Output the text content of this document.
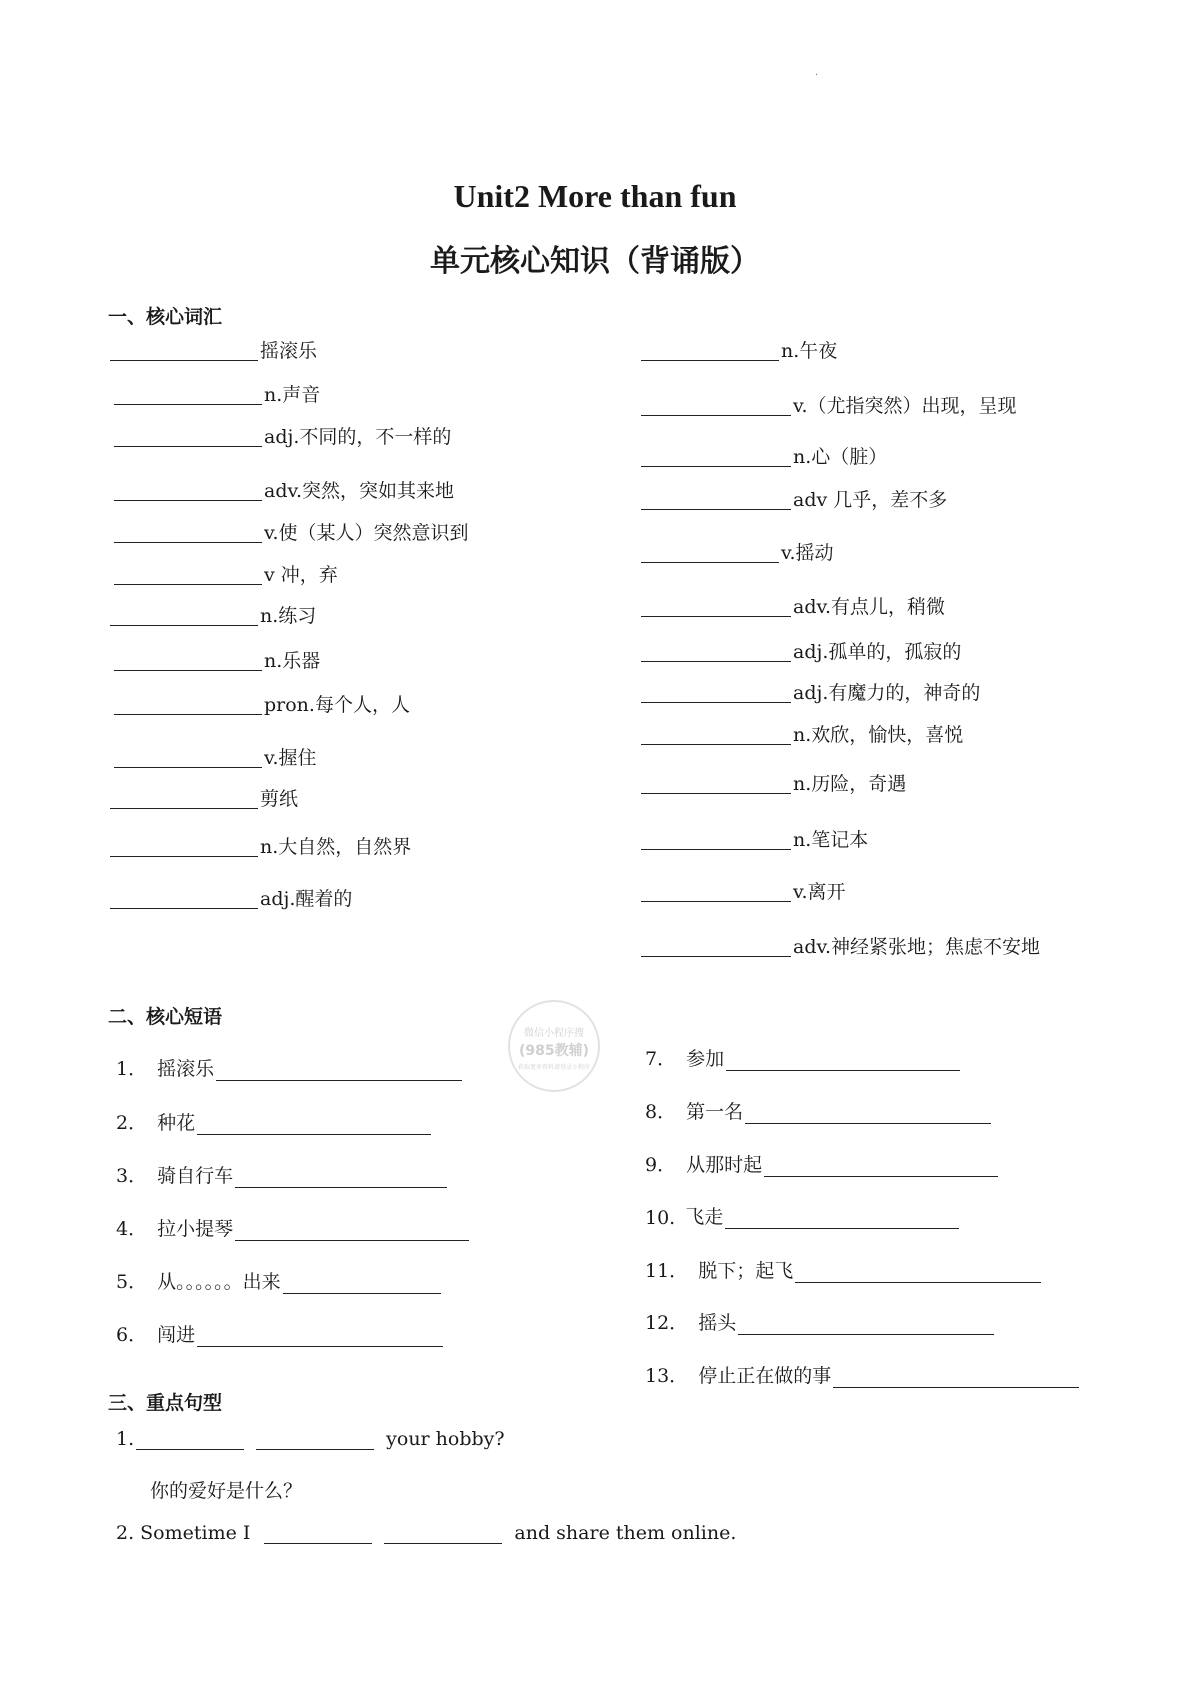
·
Unit2 More than fun
单元核心知识（背诵版）
一、核心词汇
摇滚乐
n.声音
adj.不同的，不一样的
adv.突然，突如其来地
v.使（某人）突然意识到
v 冲，弃
n.练习
n.乐器
pron.每个人，人
v.握住
剪纸
n.大自然，自然界
adj.醒着的
n.午夜
v.（尤指突然）出现，呈现
n.心（脏）
adv 几乎，差不多
v.摇动
adv.有点儿，稍微
adj.孤单的，孤寂的
adj.有魔力的，神奇的
n.欢欣，愉快，喜悦
n.历险，奇遇
n.笔记本
v.离开
adv.神经紧张地；焦虑不安地
二、核心短语
1． 摇滚乐
2． 种花
3． 骑自行车
4． 拉小提琴
5． 从。。。。。。出来
6． 闯进
7． 参加
8． 第一名
9． 从那时起
10. 飞走
11． 脱下；起飞
12． 摇头
13． 停止正在做的事
微信小程序搜
(985教辅)
获取更多资料请登录小程序
三、重点句型
1.	your hobby?
你的爱好是什么？
2. Sometime I	and share them online.
